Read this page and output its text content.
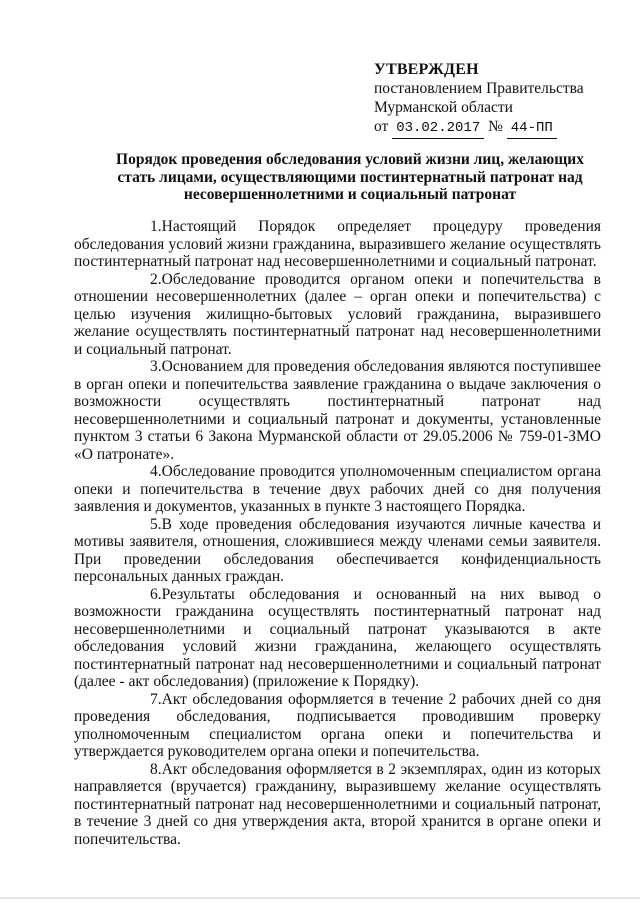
УТВЕРЖДЕН
постановлением Правительства
Мурманской области
от 03.02.2017 № 44-ПП
Порядок проведения обследования условий жизни лиц, желающих
стать лицами, осуществляющими постинтернатный патронат над
несовершеннолетними и социальный патронат

1.Настоящий Порядок определяет процедуру проведения обследования условий жизни гражданина, выразившего желание осуществлять постинтернатный патронат над несовершеннолетними и социальный патронат.

2.Обследование проводится органом опеки и попечительства в отношении несовершеннолетних (далее – орган опеки и попечительства) с целью изучения жилищно-бытовых условий гражданина, выразившего желание осуществлять постинтернатный патронат над несовершеннолетними и социальный патронат.

3.Основанием для проведения обследования являются поступившее в орган опеки и попечительства заявление гражданина о выдаче заключения о возможности осуществлять постинтернатный патронат над несовершеннолетними и социальный патронат и документы, установленные пунктом 3 статьи 6 Закона Мурманской области от 29.05.2006 № 759-01-ЗМО «О патронате».

4.Обследование проводится уполномоченным специалистом органа опеки и попечительства в течение двух рабочих дней со дня получения заявления и документов, указанных в пункте 3 настоящего Порядка.

5.В ходе проведения обследования изучаются личные качества и мотивы заявителя, отношения, сложившиеся между членами семьи заявителя. При проведении обследования обеспечивается конфиденциальность персональных данных граждан.

6.Результаты обследования и основанный на них вывод о возможности гражданина осуществлять постинтернатный патронат над несовершеннолетними и социальный патронат указываются в акте обследования условий жизни гражданина, желающего осуществлять постинтернатный патронат над несовершеннолетними и социальный патронат (далее - акт обследования) (приложение к Порядку).

7.Акт обследования оформляется в течение 2 рабочих дней со дня проведения обследования, подписывается проводившим проверку уполномоченным специалистом органа опеки и попечительства и утверждается руководителем органа опеки и попечительства.

8.Акт обследования оформляется в 2 экземплярах, один из которых направляется (вручается) гражданину, выразившему желание осуществлять постинтернатный патронат над несовершеннолетними и социальный патронат, в течение 3 дней со дня утверждения акта, второй хранится в органе опеки и попечительства.
